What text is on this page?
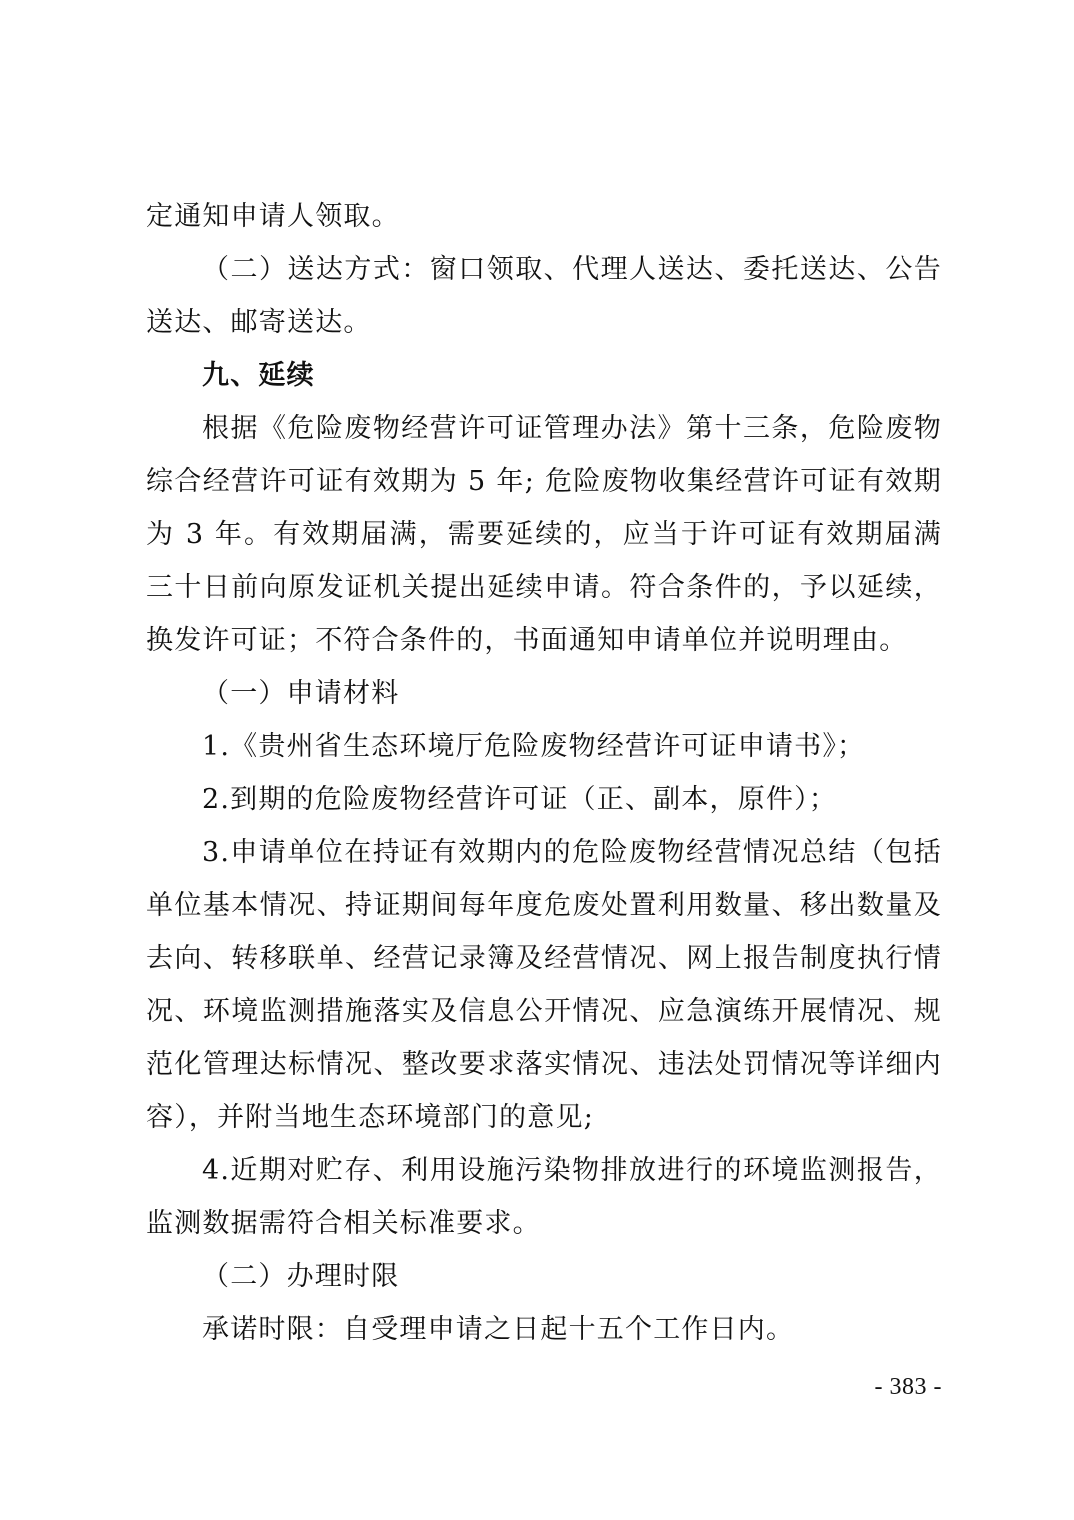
定通知申请人领取。

（二）送达方式：窗口领取、代理人送达、委托送达、公告送达、邮寄送达。

九、延续

根据《危险废物经营许可证管理办法》第十三条，危险废物综合经营许可证有效期为 5 年; 危险废物收集经营许可证有效期为 3 年。有效期届满，需要延续的，应当于许可证有效期届满三十日前向原发证机关提出延续申请。符合条件的，予以延续，换发许可证；不符合条件的，书面通知申请单位并说明理由。

（一）申请材料

1.《贵州省生态环境厅危险废物经营许可证申请书》；

2.到期的危险废物经营许可证（正、副本，原件）；

3.申请单位在持证有效期内的危险废物经营情况总结（包括单位基本情况、持证期间每年度危废处置利用数量、移出数量及去向、转移联单、经营记录簿及经营情况、网上报告制度执行情况、环境监测措施落实及信息公开情况、应急演练开展情况、规范化管理达标情况、整改要求落实情况、违法处罚情况等详细内容），并附当地生态环境部门的意见;

4.近期对贮存、利用设施污染物排放进行的环境监测报告，监测数据需符合相关标准要求。

（二）办理时限

承诺时限：自受理申请之日起十五个工作日内。

- 383 -
